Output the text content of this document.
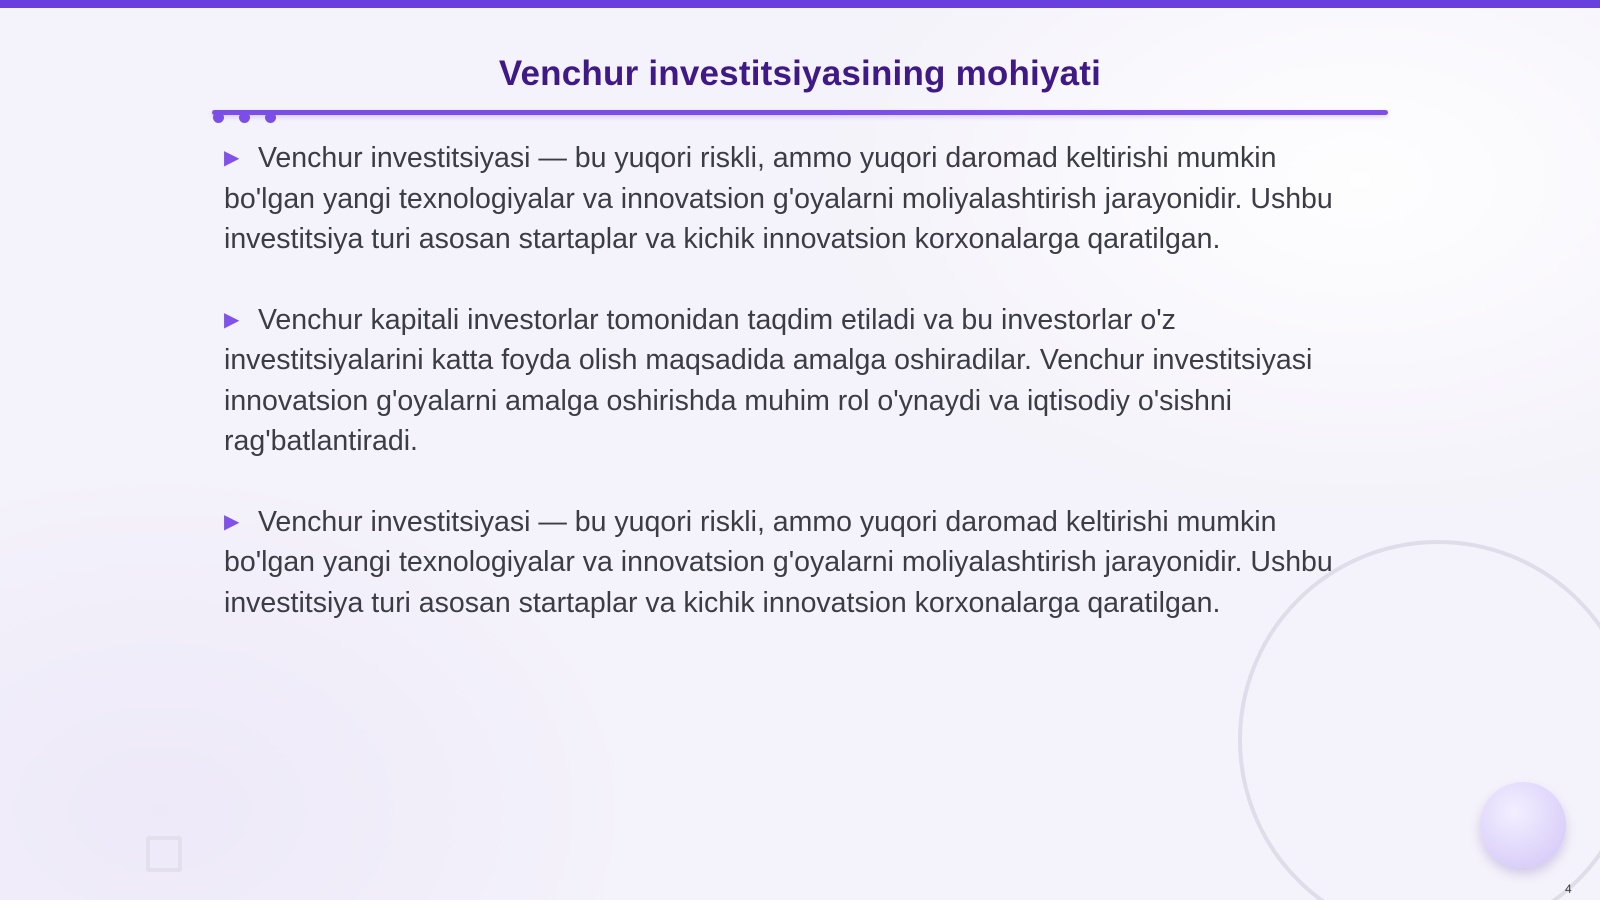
Venchur investitsiyasining mohiyati

▶ Venchur investitsiyasi — bu yuqori riskli, ammo yuqori daromad keltirishi mumkin bo'lgan yangi texnologiyalar va innovatsion g'oyalarni moliyalashtirish jarayonidir. Ushbu investitsiya turi asosan startaplar va kichik innovatsion korxonalarga qaratilgan.

▶ Venchur kapitali investorlar tomonidan taqdim etiladi va bu investorlar o'z investitsiyalarini katta foyda olish maqsadida amalga oshiradilar. Venchur investitsiyasi innovatsion g'oyalarni amalga oshirishda muhim rol o'ynaydi va iqtisodiy o'sishni rag'batlantiradi.

▶ Venchur investitsiyasi — bu yuqori riskli, ammo yuqori daromad keltirishi mumkin bo'lgan yangi texnologiyalar va innovatsion g'oyalarni moliyalashtirish jarayonidir. Ushbu investitsiya turi asosan startaplar va kichik innovatsion korxonalarga qaratilgan.

4
